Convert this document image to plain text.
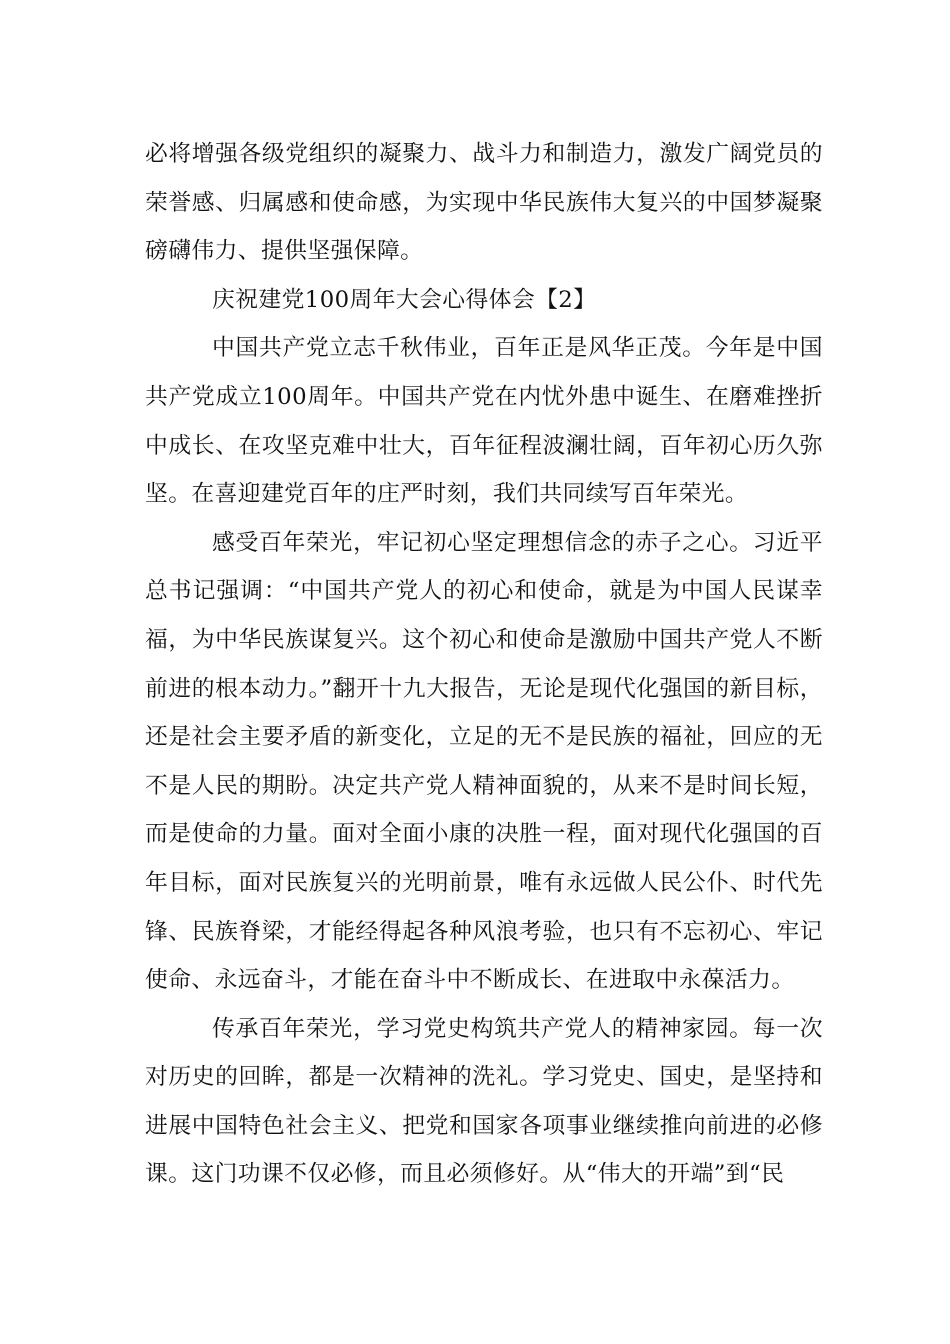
必将增强各级党组织的凝聚力、战斗力和制造力，激发广阔党员的荣誉感、归属感和使命感，为实现中华民族伟大复兴的中国梦凝聚磅礴伟力、提供坚强保障。

庆祝建党100周年大会心得体会【2】

中国共产党立志千秋伟业，百年正是风华正茂。今年是中国共产党成立100周年。中国共产党在内忧外患中诞生、在磨难挫折中成长、在攻坚克难中壮大，百年征程波澜壮阔，百年初心历久弥坚。在喜迎建党百年的庄严时刻，我们共同续写百年荣光。

感受百年荣光，牢记初心坚定理想信念的赤子之心。习近平总书记强调：“中国共产党人的初心和使命，就是为中国人民谋幸福，为中华民族谋复兴。这个初心和使命是激励中国共产党人不断前进的根本动力。”翻开十九大报告，无论是现代化强国的新目标，还是社会主要矛盾的新变化，立足的无不是民族的福祉，回应的无不是人民的期盼。决定共产党人精神面貌的，从来不是时间长短，而是使命的力量。面对全面小康的决胜一程，面对现代化强国的百年目标，面对民族复兴的光明前景，唯有永远做人民公仆、时代先锋、民族脊梁，才能经得起各种风浪考验，也只有不忘初心、牢记使命、永远奋斗，才能在奋斗中不断成长、在进取中永葆活力。

传承百年荣光，学习党史构筑共产党人的精神家园。每一次对历史的回眸，都是一次精神的洗礼。学习党史、国史，是坚持和进展中国特色社会主义、把党和国家各项事业继续推向前进的必修课。这门功课不仅必修，而且必须修好。从“伟大的开端”到“民
